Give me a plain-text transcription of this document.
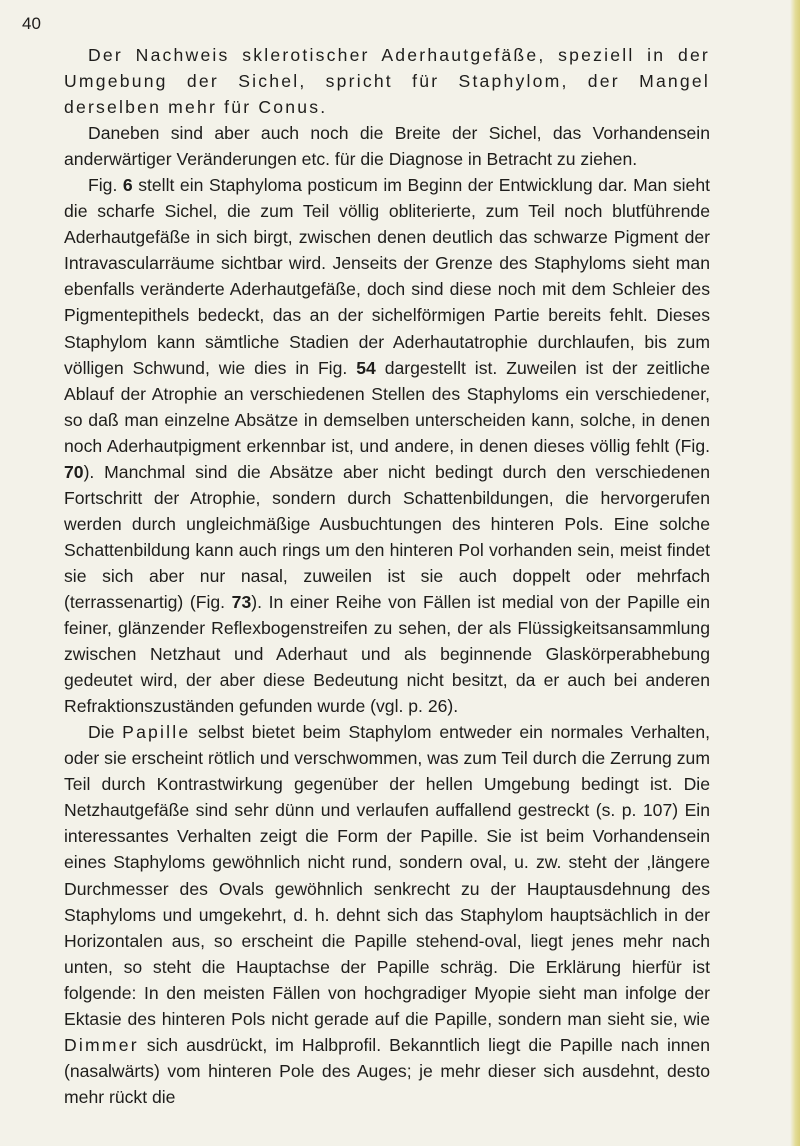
40

Der Nachweis sklerotischer Aderhautgefäße, speziell in der Umgebung der Sichel, spricht für Staphylom, der Mangel derselben mehr für Conus.

Daneben sind aber auch noch die Breite der Sichel, das Vorhandensein anderwärtiger Veränderungen etc. für die Diagnose in Betracht zu ziehen.

Fig. 6 stellt ein Staphyloma posticum im Beginn der Entwicklung dar. Man sieht die scharfe Sichel, die zum Teil völlig obliterierte, zum Teil noch blutführende Aderhautgefäße in sich birgt, zwischen denen deutlich das schwarze Pigment der Intravascularräume sichtbar wird. Jenseits der Grenze des Staphyloms sieht man ebenfalls veränderte Aderhautgefäße, doch sind diese noch mit dem Schleier des Pigmentepithels bedeckt, das an der sichelförmigen Partie bereits fehlt. Dieses Staphylom kann sämtliche Stadien der Aderhautatrophie durchlaufen, bis zum völligen Schwund, wie dies in Fig. 54 dargestellt ist. Zuweilen ist der zeitliche Ablauf der Atrophie an verschiedenen Stellen des Staphyloms ein verschiedener, so daß man einzelne Absätze in demselben unterscheiden kann, solche, in denen noch Aderhautpigment erkennbar ist, und andere, in denen dieses völlig fehlt (Fig. 70). Manchmal sind die Absätze aber nicht bedingt durch den verschiedenen Fortschritt der Atrophie, sondern durch Schattenbildungen, die hervorgerufen werden durch ungleichmäßige Ausbuchtungen des hinteren Pols. Eine solche Schattenbildung kann auch rings um den hinteren Pol vorhanden sein, meist findet sie sich aber nur nasal, zuweilen ist sie auch doppelt oder mehrfach (terrassenartig) (Fig. 73). In einer Reihe von Fällen ist medial von der Papille ein feiner, glänzender Reflexbogenstreifen zu sehen, der als Flüssigkeitsansammlung zwischen Netzhaut und Aderhaut und als beginnende Glaskörperabhebung gedeutet wird, der aber diese Bedeutung nicht besitzt, da er auch bei anderen Refraktionszuständen gefunden wurde (vgl. p. 26).

Die Papille selbst bietet beim Staphylom entweder ein normales Verhalten, oder sie erscheint rötlich und verschwommen, was zum Teil durch die Zerrung zum Teil durch Kontrastwirkung gegenüber der hellen Umgebung bedingt ist. Die Netzhautgefäße sind sehr dünn und verlaufen auffallend gestreckt (s. p. 107) Ein interessantes Verhalten zeigt die Form der Papille. Sie ist beim Vorhandensein eines Staphyloms gewöhnlich nicht rund, sondern oval, u. zw. steht der ,längere Durchmesser des Ovals gewöhnlich senkrecht zu der Hauptausdehnung des Staphyloms und umgekehrt, d. h. dehnt sich das Staphylom hauptsächlich in der Horizontalen aus, so erscheint die Papille stehend-oval, liegt jenes mehr nach unten, so steht die Hauptachse der Papille schräg. Die Erklärung hierfür ist folgende: In den meisten Fällen von hochgradiger Myopie sieht man infolge der Ektasie des hinteren Pols nicht gerade auf die Papille, sondern man sieht sie, wie Dimmer sich ausdrückt, im Halbprofil. Bekanntlich liegt die Papille nach innen (nasalwärts) vom hinteren Pole des Auges; je mehr dieser sich ausdehnt, desto mehr rückt die
